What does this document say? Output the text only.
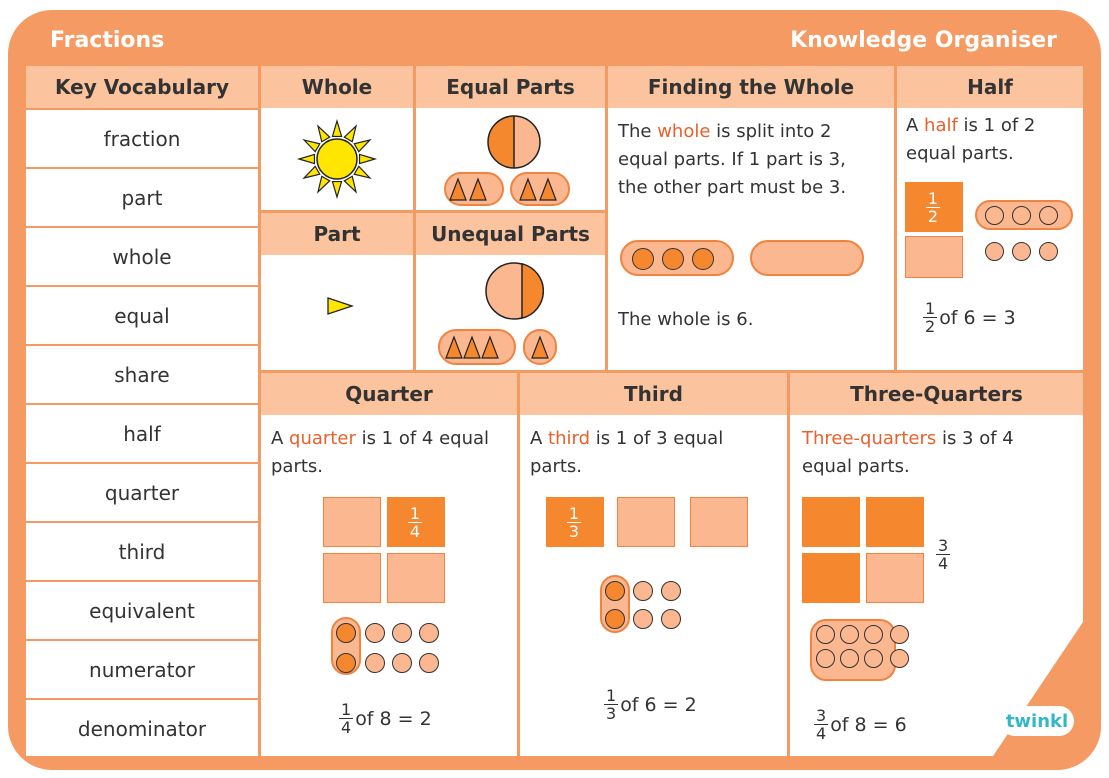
Fractions	Knowledge Organiser
Key Vocabulary
fraction
part
whole
equal
share
half
quarter
third
equivalent
numerator
denominator
Whole	Equal Parts
Part	Unequal Parts
Finding the Whole
The whole is split into 2 equal parts. If 1 part is 3, the other part must be 3.
The whole is 6.
Half
A half is 1 of 2 equal parts.
$\frac{1}{2}$
$\frac{1}{2}$ of 6 = 3
Quarter
A quarter is 1 of 4 equal parts.
$\frac{1}{4}$
$\frac{1}{4}$ of 8 = 2
Third
A third is 1 of 3 equal parts.
$\frac{1}{3}$
$\frac{1}{3}$ of 6 = 2
Three-Quarters
Three-quarters is 3 of 4 equal parts.
$\frac{3}{4}$
$\frac{3}{4}$ of 8 = 6	twinkl
